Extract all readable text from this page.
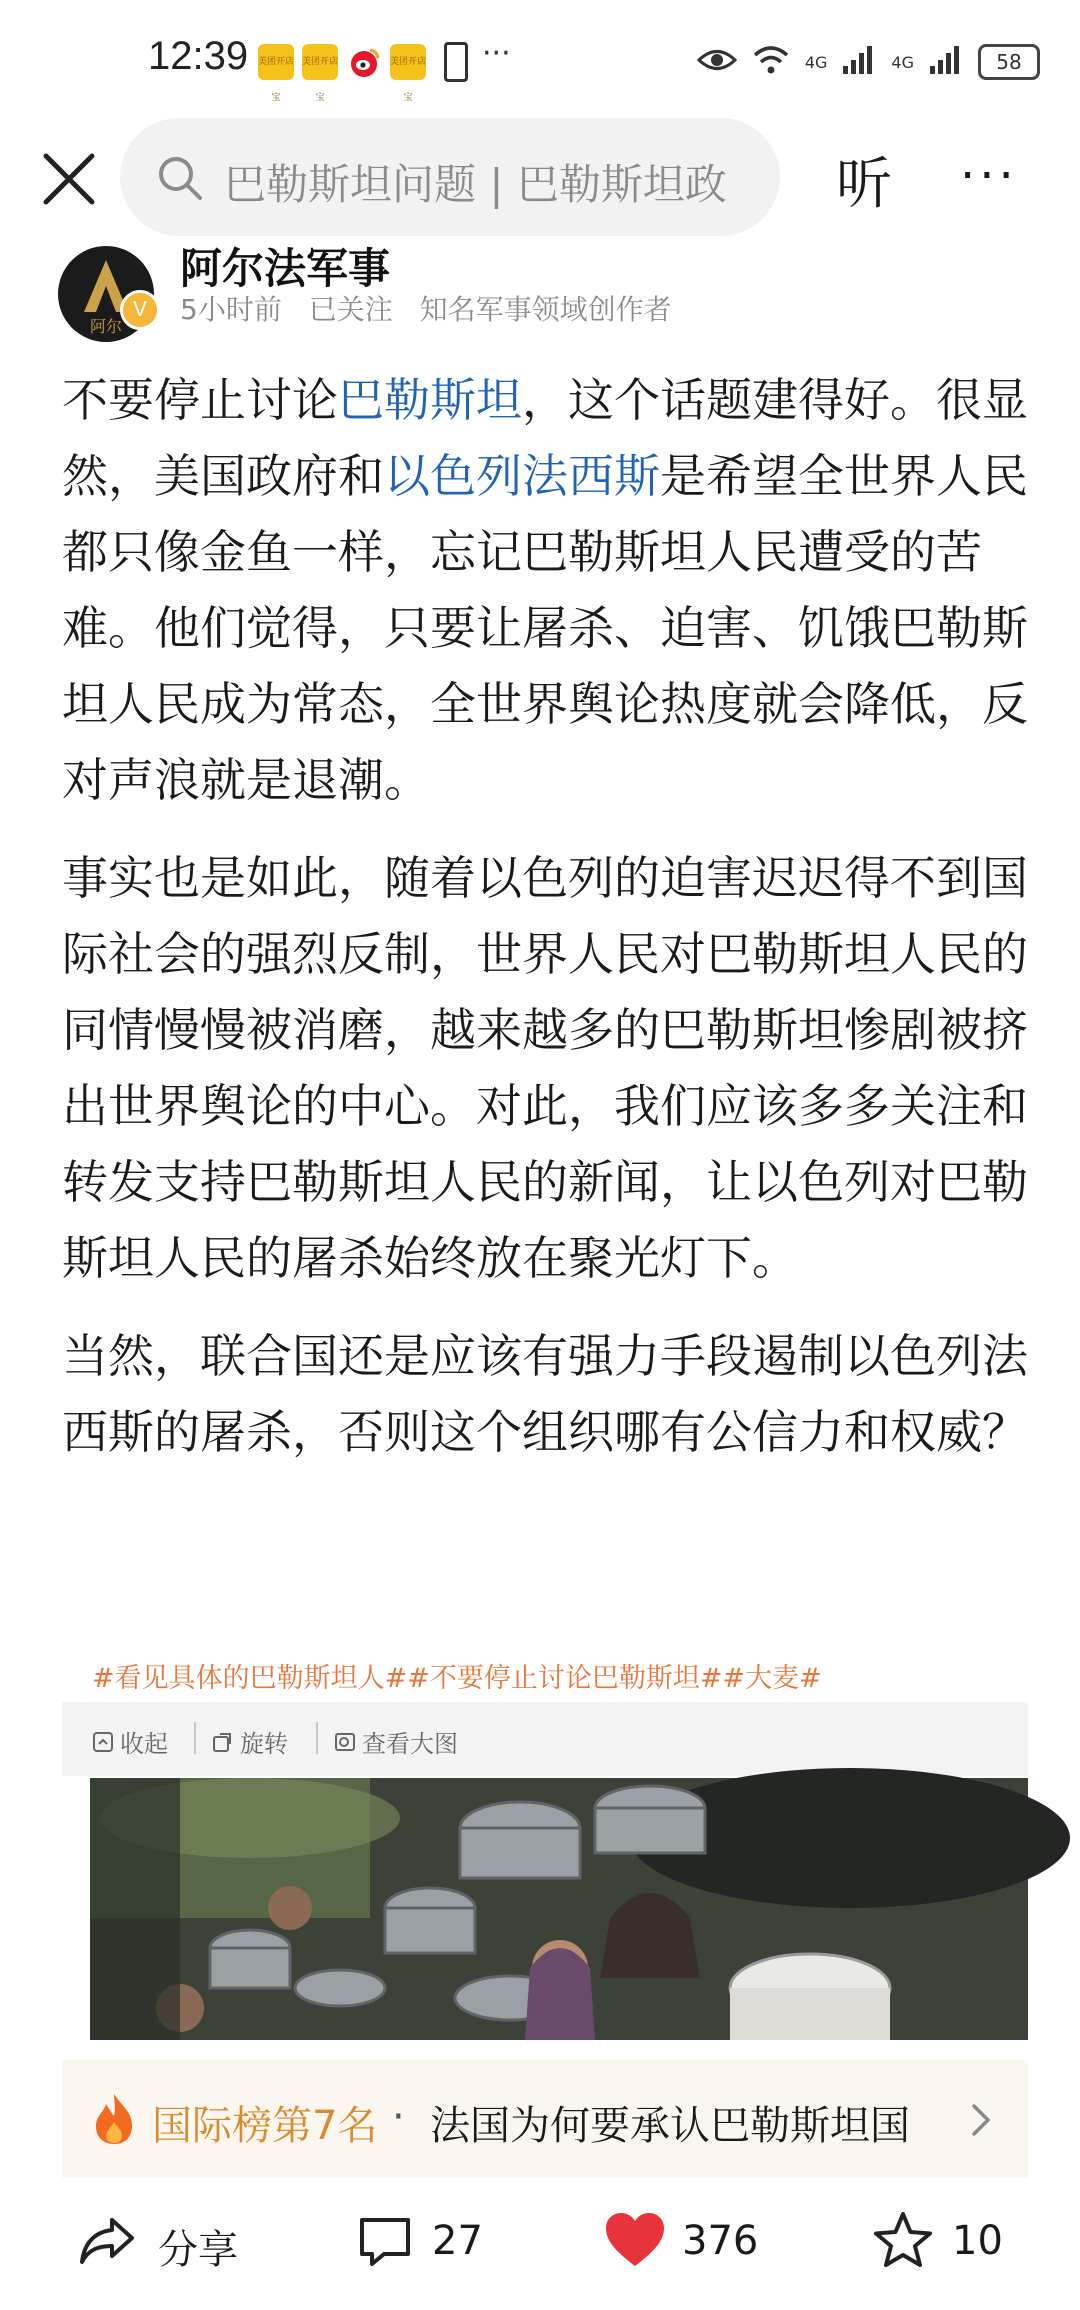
12:39 美团开店宝
美团开店宝
美团开店宝
···	4G	4G	58
巴勒斯坦问题 | 巴勒斯坦政	听 ···
阿尔
V
阿尔法军事
5小时前 已关注 知名军事领域创作者

不要停止讨论巴勒斯坦，这个话题建得好。很显然，美国政府和以色列法西斯是希望全世界人民都只像金鱼一样，忘记巴勒斯坦人民遭受的苦难。他们觉得，只要让屠杀、迫害、饥饿巴勒斯坦人民成为常态，全世界舆论热度就会降低，反对声浪就是退潮。

事实也是如此，随着以色列的迫害迟迟得不到国际社会的强烈反制，世界人民对巴勒斯坦人民的同情慢慢被消磨，越来越多的巴勒斯坦惨剧被挤出世界舆论的中心。对此，我们应该多多关注和转发支持巴勒斯坦人民的新闻，让以色列对巴勒斯坦人民的屠杀始终放在聚光灯下。

当然，联合国还是应该有强力手段遏制以色列法西斯的屠杀，否则这个组织哪有公信力和权威？

#看见具体的巴勒斯坦人##不要停止讨论巴勒斯坦##大麦#
收起	旋转	查看大图
国际榜第7名 · 法国为何要承认巴勒斯坦国
分享	27	376	10
